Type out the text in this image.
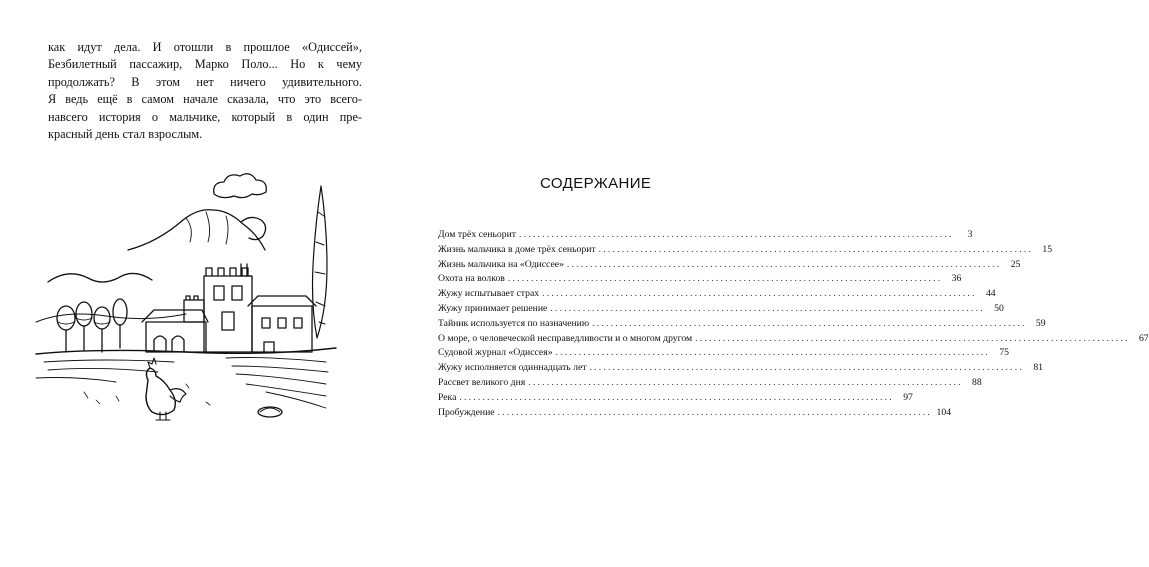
как идут дела. И отошли в прошлое «Одиссей»,
Безбилетный пассажир, Марко Поло... Но к чему
продолжать? В этом нет ничего удивительного.
Я ведь ещё в самом начале сказала, что это всего-
навсего история о мальчике, который в один пре-
красный день стал взрослым.
СОДЕРЖАНИЕ
Дом трёх сеньорит ..............................................................................................	3
Жизнь мальчика в доме трёх сеньорит .............................................................................................. 15
Жизнь мальчика на «Одиссее» .............................................................................................. 25
Охота на волков .............................................................................................. 36
Жужу испытывает страх .............................................................................................. 44
Жужу принимает решение .............................................................................................. 50
Тайник используется по назначению .............................................................................................. 59
О море, о человеческой несправедливости и о многом другом .............................................................................................. 67
Судовой журнал «Одиссея» .............................................................................................. 75
Жужу исполняется одиннадцать лет .............................................................................................. 81
Рассвет великого дня .............................................................................................. 88
Река .............................................................................................. 97
Пробуждение .............................................................................................. 104
